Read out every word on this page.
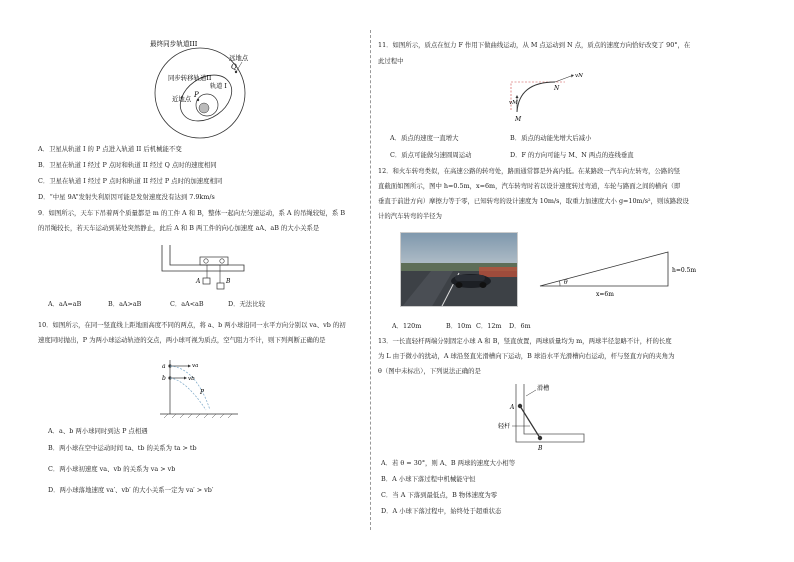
最终同步轨道III
远地点
Q
同步转移轨道II
轨道 I
近地点 P
A．卫星从轨道 I 的 P 点进入轨道 II 后机械能不变
B．卫星在轨道 I 经过 P 点时和轨道 II 经过 Q 点时的速度相同
C．卫星在轨道 I 经过 P 点时和轨道 II 经过 P 点时的加速度相同
D．“中星 9A”发射失利原因可能是发射速度没有达到 7.9km/s
9．如图所示，天车下吊着两个质量都是 m 的工件 A 和 B，整体一起向左匀速运动，系 A 的吊绳较短，系 B
的吊绳较长，若天车运动到某处突然静止，此后 A 和 B 两工件的向心加速度 aA、aB 的大小关系是
A	B
A．aA=aB	B．aA>aB	C．aA<aB	D．无法比较
10．如图所示，在同一竖直线上距地面高度不同的两点，将 a、b 两小球沿同一水平方向分别以 va、vb 的初
速度同时抛出，P 为两小球运动轨迹的交点，两小球可视为质点，空气阻力不计，则下列判断正确的是
a
b
va
vb
P
A．a、b 两小球同时到达 P 点相遇
B．两小球在空中运动时间 ta、tb 的关系为 ta > tb
C．两小球初速度 va、vb 的关系为 va > vb
D．两小球落地速度 va′、vb′ 的大小关系一定为 va′ > vb′
11．如图所示，质点在恒力 F 作用下做曲线运动，从 M 点运动到 N 点，质点的速度方向恰好改变了 90°，在
此过程中
vN
vM
N
M
A．质点的速度一直增大	B．质点的动能先增大后减小
C．质点可能做匀速圆周运动	D．F 的方向可能与 M、N 两点的连线垂直
12．和火车转弯类似，在高速公路的转弯处，路面通常都是外高内低。在某路段一汽车向左转弯，公路的竖
直截面如图所示，图中 h=0.5m，x=6m，汽车转弯时若以设计速度转过弯道，车轮与路面之间的横向（即
垂直于前进方向）摩擦力等于零，已知转弯的设计速度为 10m/s，取重力加速度大小 g=10m/s²，则该路段设
计的汽车转弯的半径为
θ
h=0.5m
x=6m
A．120m	B．10m C．12m D．6m
13．一长直轻杆两端分别固定小球 A 和 B，竖直放置，两球质量均为 m，两球半径忽略不计，杆的长度
为 L 由于微小的扰动，A 球沿竖直光滑槽向下运动，B 球沿水平光滑槽向右运动，杆与竖直方向的夹角为
θ（图中未标出），下列说法正确的是
滑槽
轻杆
A
B
A．若 θ = 30°，则 A、B 两球的速度大小相等
B．A 小球下落过程中机械能守恒
C．当 A 下落到最低点，B 物体速度为零
D．A 小球下落过程中，始终处于超重状态
